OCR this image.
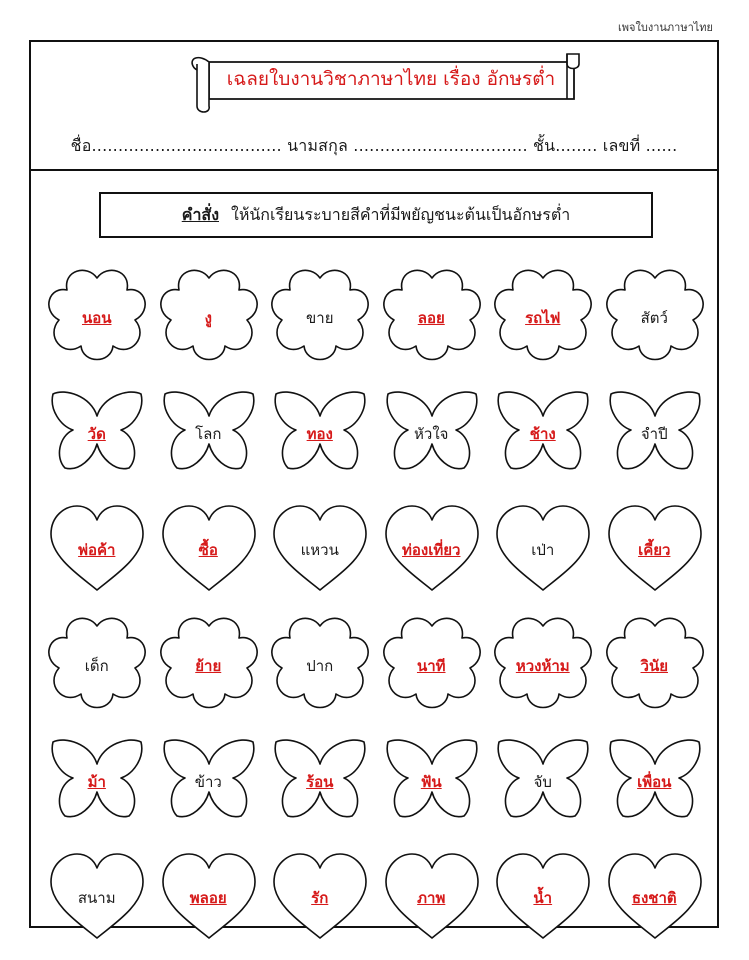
เพจใบงานภาษาไทย
เฉลยใบงานวิชาภาษาไทย เรื่อง อักษรต่ำ
ชื่อ.................................... นามสกุล ................................. ชั้น........ เลขที่ ......
คำสั่ง ให้นักเรียนระบายสีคำที่มีพยัญชนะต้นเป็นอักษรต่ำ
นอน	งู	ขาย	ลอย	รถไฟ	สัตว์
วัด	โลก	ทอง	หัวใจ	ช้าง	จำปี
พ่อค้า	ซื้อ	แหวน	ท่องเที่ยว	เป่า	เคี้ยว
เด็ก	ย้าย	ปาก	นาที	หวงห้าม	วินัย
ม้า	ข้าว	ร้อน	ฟัน	จับ	เพื่อน
สนาม	พลอย	รัก	ภาพ	น้ำ	ธงชาติ
